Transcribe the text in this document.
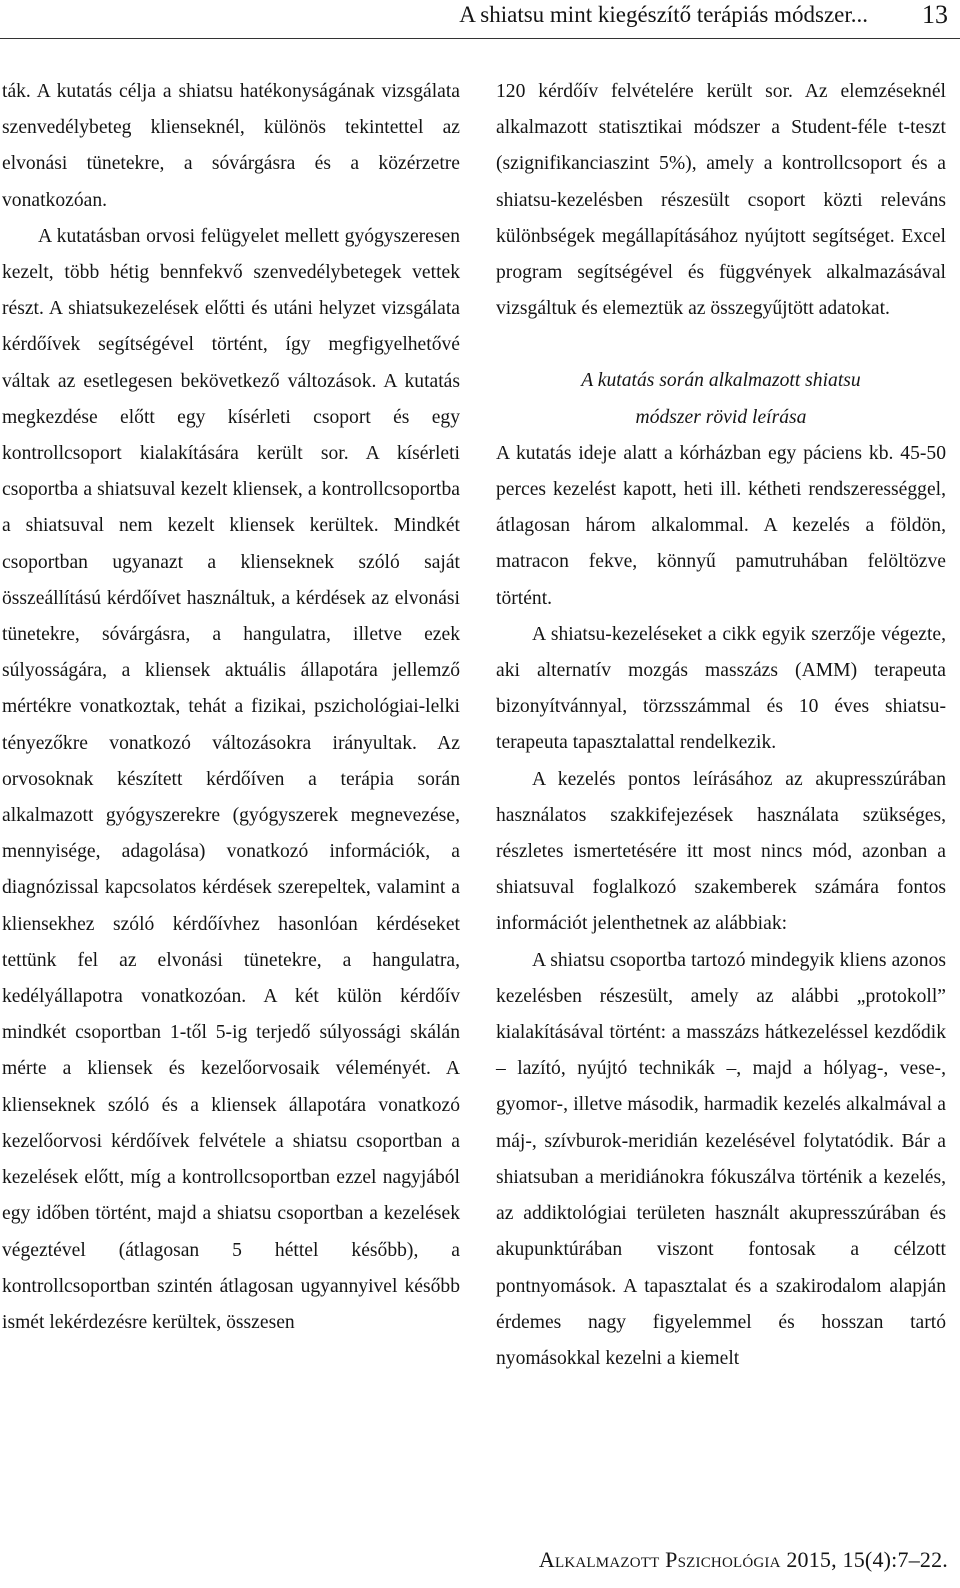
A shiatsu mint kiegészítő terápiás módszer... 13

ták. A kutatás célja a shiatsu hatékonyságának vizsgálata szenvedélybeteg klienseknél, különös tekintettel az elvonási tünetekre, a sóvárgásra és a közérzetre vonatkozóan.

A kutatásban orvosi felügyelet mellett gyógyszeresen kezelt, több hétig bennfekvő szenvedélybetegek vettek részt. A shiatsukezelések előtti és utáni helyzet vizsgálata kérdőívek segítségével történt, így megfigyelhetővé váltak az esetlegesen bekövetkező változások. A kutatás megkezdése előtt egy kísérleti csoport és egy kontrollcsoport kialakítására került sor. A kísérleti csoportba a shiatsuval kezelt kliensek, a kontrollcsoportba a shiatsuval nem kezelt kliensek kerültek. Mindkét csoportban ugyanazt a klienseknek szóló saját összeállítású kérdőívet használtuk, a kérdések az elvonási tünetekre, sóvárgásra, a hangulatra, illetve ezek súlyosságára, a kliensek aktuális állapotára jellemző mértékre vonatkoztak, tehát a fizikai, pszichológiai-lelki tényezőkre vonatkozó változásokra irányultak. Az orvosoknak készített kérdőíven a terápia során alkalmazott gyógyszerekre (gyógyszerek megnevezése, mennyisége, adagolása) vonatkozó információk, a diagnózissal kapcsolatos kérdések szerepeltek, valamint a kliensekhez szóló kérdőívhez hasonlóan kérdéseket tettünk fel az elvonási tünetekre, a hangulatra, kedélyállapotra vonatkozóan. A két külön kérdőív mindkét csoportban 1-től 5-ig terjedő súlyossági skálán mérte a kliensek és kezelőorvosaik véleményét. A klienseknek szóló és a kliensek állapotára vonatkozó kezelőorvosi kérdőívek felvétele a shiatsu csoportban a kezelések előtt, míg a kontrollcsoportban ezzel nagyjából egy időben történt, majd a shiatsu csoportban a kezelések végeztével (átlagosan 5 héttel később), a kontrollcsoportban szintén átlagosan ugyannyivel később ismét lekérdezésre kerültek, összesen

120 kérdőív felvételére került sor. Az elemzéseknél alkalmazott statisztikai módszer a Student-féle t-teszt (szignifikanciaszint 5%), amely a kontrollcsoport és a shiatsu-kezelésben részesült csoport közti releváns különbségek megállapításához nyújtott segítséget. Excel program segítségével és függvények alkalmazásával vizsgáltuk és elemeztük az összegyűjtött adatokat.

A kutatás során alkalmazott shiatsu
módszer rövid leírása

A kutatás ideje alatt a kórházban egy páciens kb. 45-50 perces kezelést kapott, heti ill. kétheti rendszerességgel, átlagosan három alkalommal. A kezelés a földön, matracon fekve, könnyű pamutruhában felöltözve történt.

A shiatsu-kezeléseket a cikk egyik szerzője végezte, aki alternatív mozgás masszázs (AMM) terapeuta bizonyítvánnyal, törzsszámmal és 10 éves shiatsu-terapeuta tapasztalattal rendelkezik.

A kezelés pontos leírásához az akupresszúrában használatos szakkifejezések használata szükséges, részletes ismertetésére itt most nincs mód, azonban a shiatsuval foglalkozó szakemberek számára fontos információt jelenthetnek az alábbiak:

A shiatsu csoportba tartozó mindegyik kliens azonos kezelésben részesült, amely az alábbi „protokoll” kialakításával történt: a masszázs hátkezeléssel kezdődik – lazító, nyújtó technikák –, majd a hólyag-, vese-, gyomor-, illetve második, harmadik kezelés alkalmával a máj-, szívburok-meridián kezelésével folytatódik. Bár a shiatsuban a meridiánokra fókuszálva történik a kezelés, az addiktológiai területen használt akupresszúrában és akupunktúrában viszont fontosak a célzott pontnyomások. A tapasztalat és a szakirodalom alapján érdemes nagy figyelemmel és hosszan tartó nyomásokkal kezelni a kiemelt

Alkalmazott Pszichológia 2015, 15(4):7–22.
